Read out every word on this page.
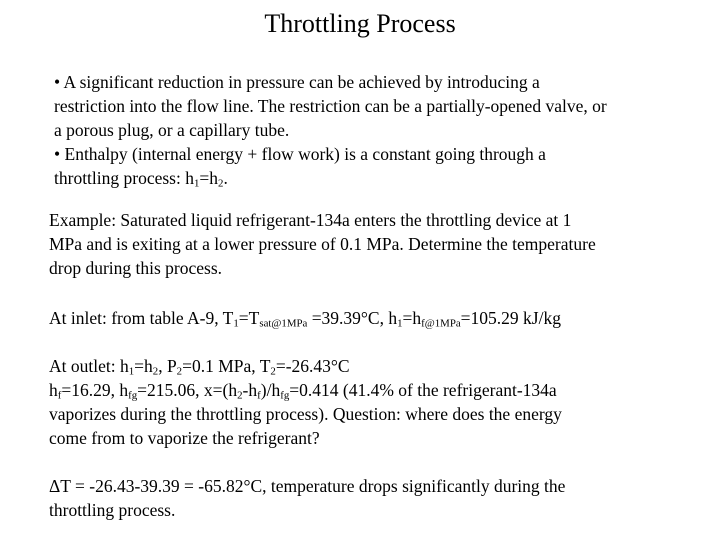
Throttling Process
• A significant reduction in pressure can be achieved by introducing a
restriction into the flow line. The restriction can be a partially-opened valve, or
a porous plug, or a capillary tube.
• Enthalpy (internal energy + flow work) is a constant going through a
throttling process: $h_1=h_2$.
Example: Saturated liquid refrigerant-134a enters the throttling device at 1
MPa and is exiting at a lower pressure of 0.1 MPa. Determine the temperature
drop during this process.
At inlet: from table A-9, $T_1=T_{sat@1MPa} =39.39^\circ C$, $h_1=h_{f@1MPa}=105.29$ kJ/kg
At outlet: $h_1=h_2$, $P_2=0.1$ MPa, $T_2=-26.43^\circ C$
$h_f=16.29$, $h_{fg}=215.06$, $x=(h_2-h_f)/h_{fg}=0.414$ (41.4% of the refrigerant-134a
vaporizes during the throttling process). Question: where does the energy
come from to vaporize the refrigerant?
ΔT = -26.43-39.39 = -65.82°C, temperature drops significantly during the
throttling process.
